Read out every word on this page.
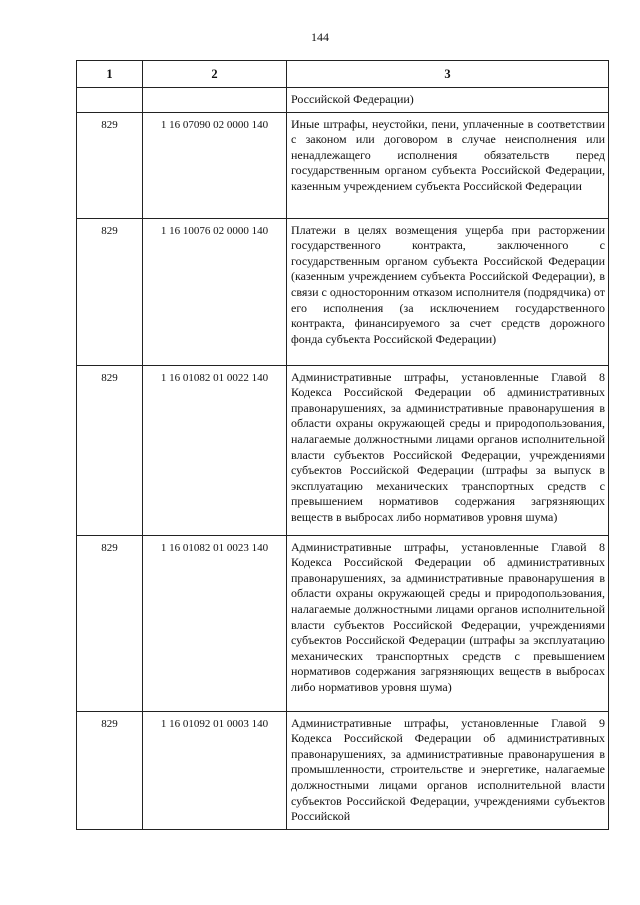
144
1	2	3
		Российской Федерации)
829	1 16 07090 02 0000 140	Иные штрафы, неустойки, пени, уплаченные в соответствии с законом или договором в случае неисполнения или ненадлежащего исполнения обязательств перед государственным органом субъекта Российской Федерации, казенным учреждением субъекта Российской Федерации
829	1 16 10076 02 0000 140	Платежи в целях возмещения ущерба при расторжении государственного контракта, заключенного с государственным органом субъекта Российской Федерации (казенным учреждением субъекта Российской Федерации), в связи с односторонним отказом исполнителя (подрядчика) от его исполнения (за исключением государственного контракта, финансируемого за счет средств дорожного фонда субъекта Российской Федерации)
829	1 16 01082 01 0022 140	Административные штрафы, установленные Главой 8 Кодекса Российской Федерации об административных правонарушениях, за административные правонарушения в области охраны окружающей среды и природопользования, налагаемые должностными лицами органов исполнительной власти субъектов Российской Федерации, учреждениями субъектов Российской Федерации (штрафы за выпуск в эксплуатацию механических транспортных средств с превышением нормативов содержания загрязняющих веществ в выбросах либо нормативов уровня шума)
829	1 16 01082 01 0023 140	Административные штрафы, установленные Главой 8 Кодекса Российской Федерации об административных правонарушениях, за административные правонарушения в области охраны окружающей среды и природопользования, налагаемые должностными лицами органов исполнительной власти субъектов Российской Федерации, учреждениями субъектов Российской Федерации (штрафы за эксплуатацию механических транспортных средств с превышением нормативов содержания загрязняющих веществ в выбросах либо нормативов уровня шума)
829	1 16 01092 01 0003 140	Административные штрафы, установленные Главой 9 Кодекса Российской Федерации об административных правонарушениях, за административные правонарушения в промышленности, строительстве и энергетике, налагаемые должностными лицами органов исполнительной власти субъектов Российской Федерации, учреждениями субъектов Российской
